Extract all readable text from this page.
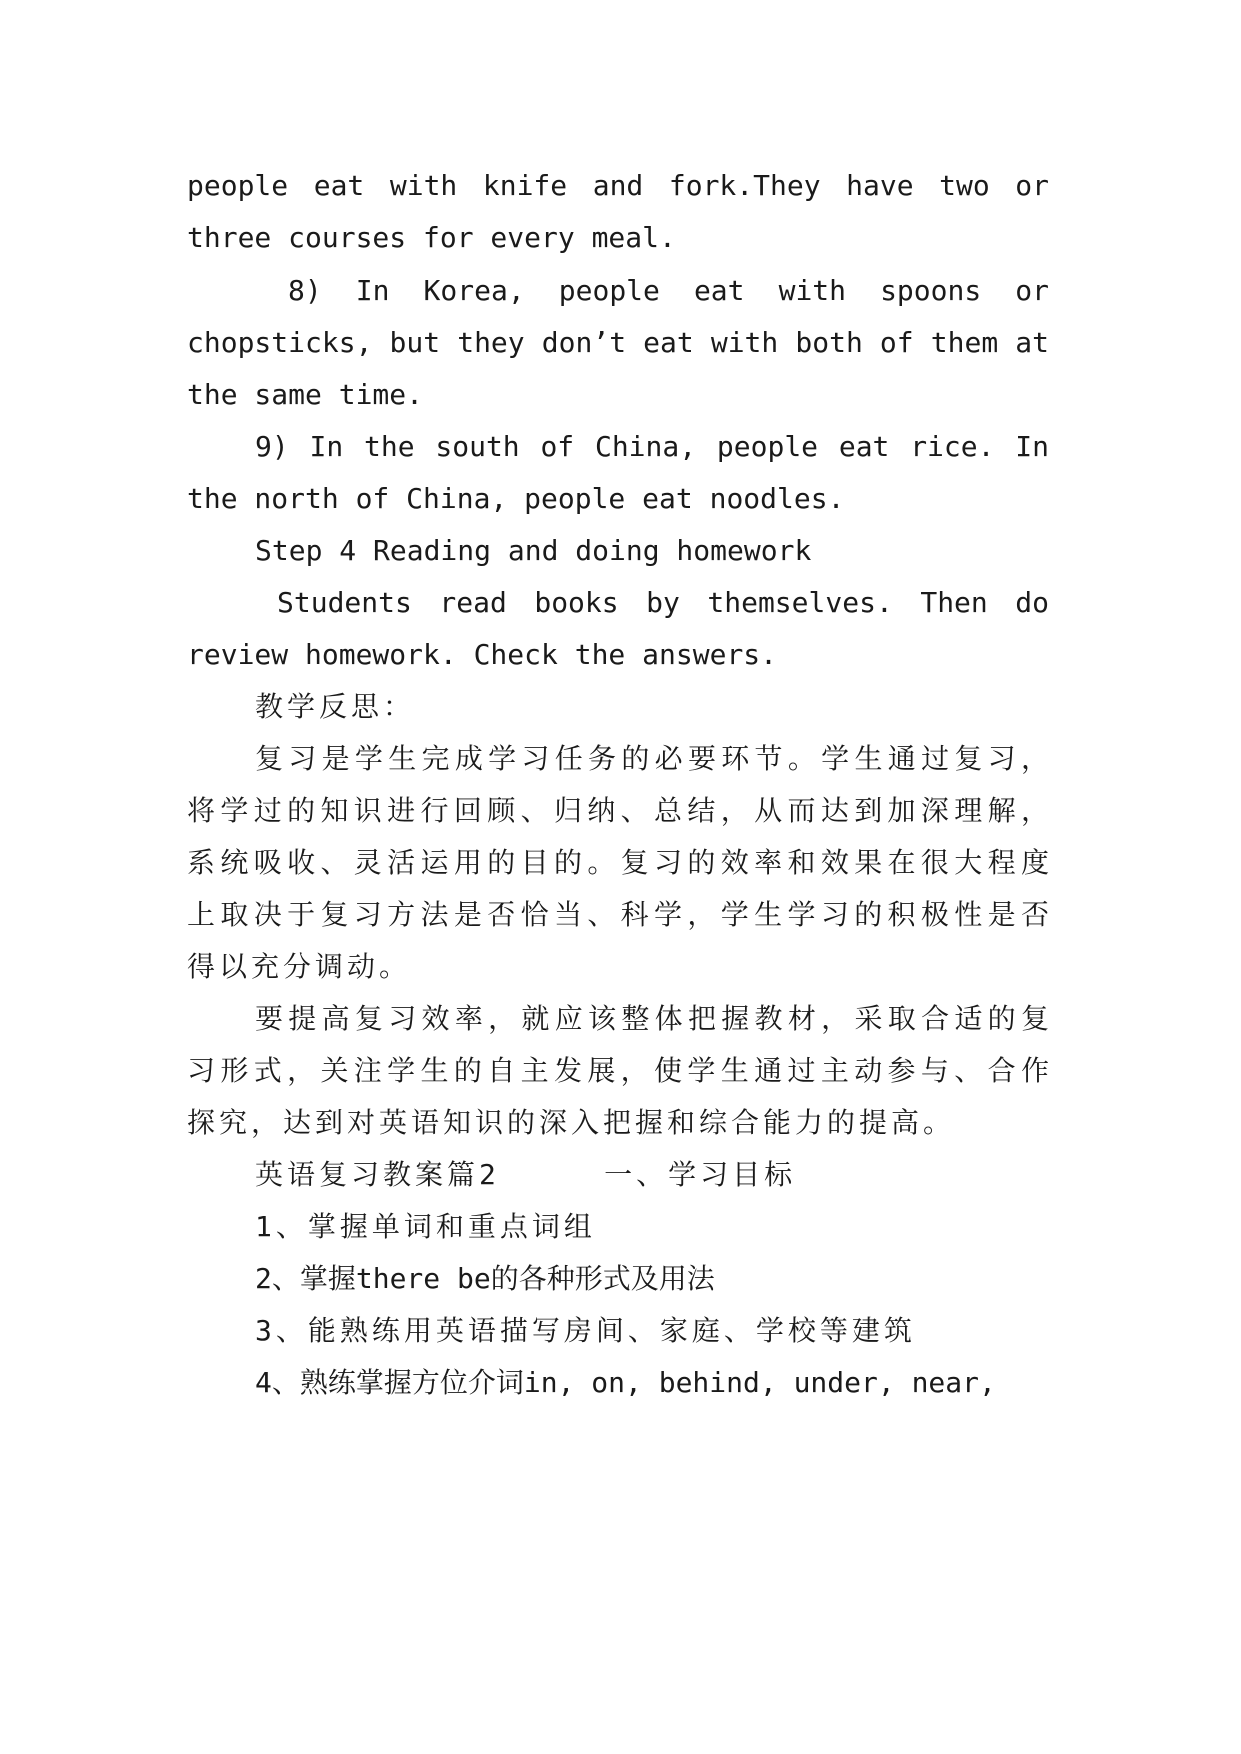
people eat with knife and fork.They have two or
three courses for every meal.
8) In Korea, people eat with spoons or
chopsticks, but they don’t eat with both of them at
the same time.
9) In the south of China, people eat rice. In
the north of China, people eat noodles.
Step 4 Reading and doing homework
Students read books by themselves. Then do
review homework. Check the answers.
教学反思：
复习是学生完成学习任务的必要环节。学生通过复习，
将学过的知识进行回顾、归纳、总结，从而达到加深理解，
系统吸收、灵活运用的目的。复习的效率和效果在很大程度
上取决于复习方法是否恰当、科学，学生学习的积极性是否
得以充分调动。
要提高复习效率，就应该整体把握教材，采取合适的复
习形式，关注学生的自主发展，使学生通过主动参与、合作
探究，达到对英语知识的深入把握和综合能力的提高。
英语复习教案篇2     一、学习目标
1、掌握单词和重点词组
2、掌握there be的各种形式及用法
3、能熟练用英语描写房间、家庭、学校等建筑
4、熟练掌握方位介词in, on, behind, under, near,
